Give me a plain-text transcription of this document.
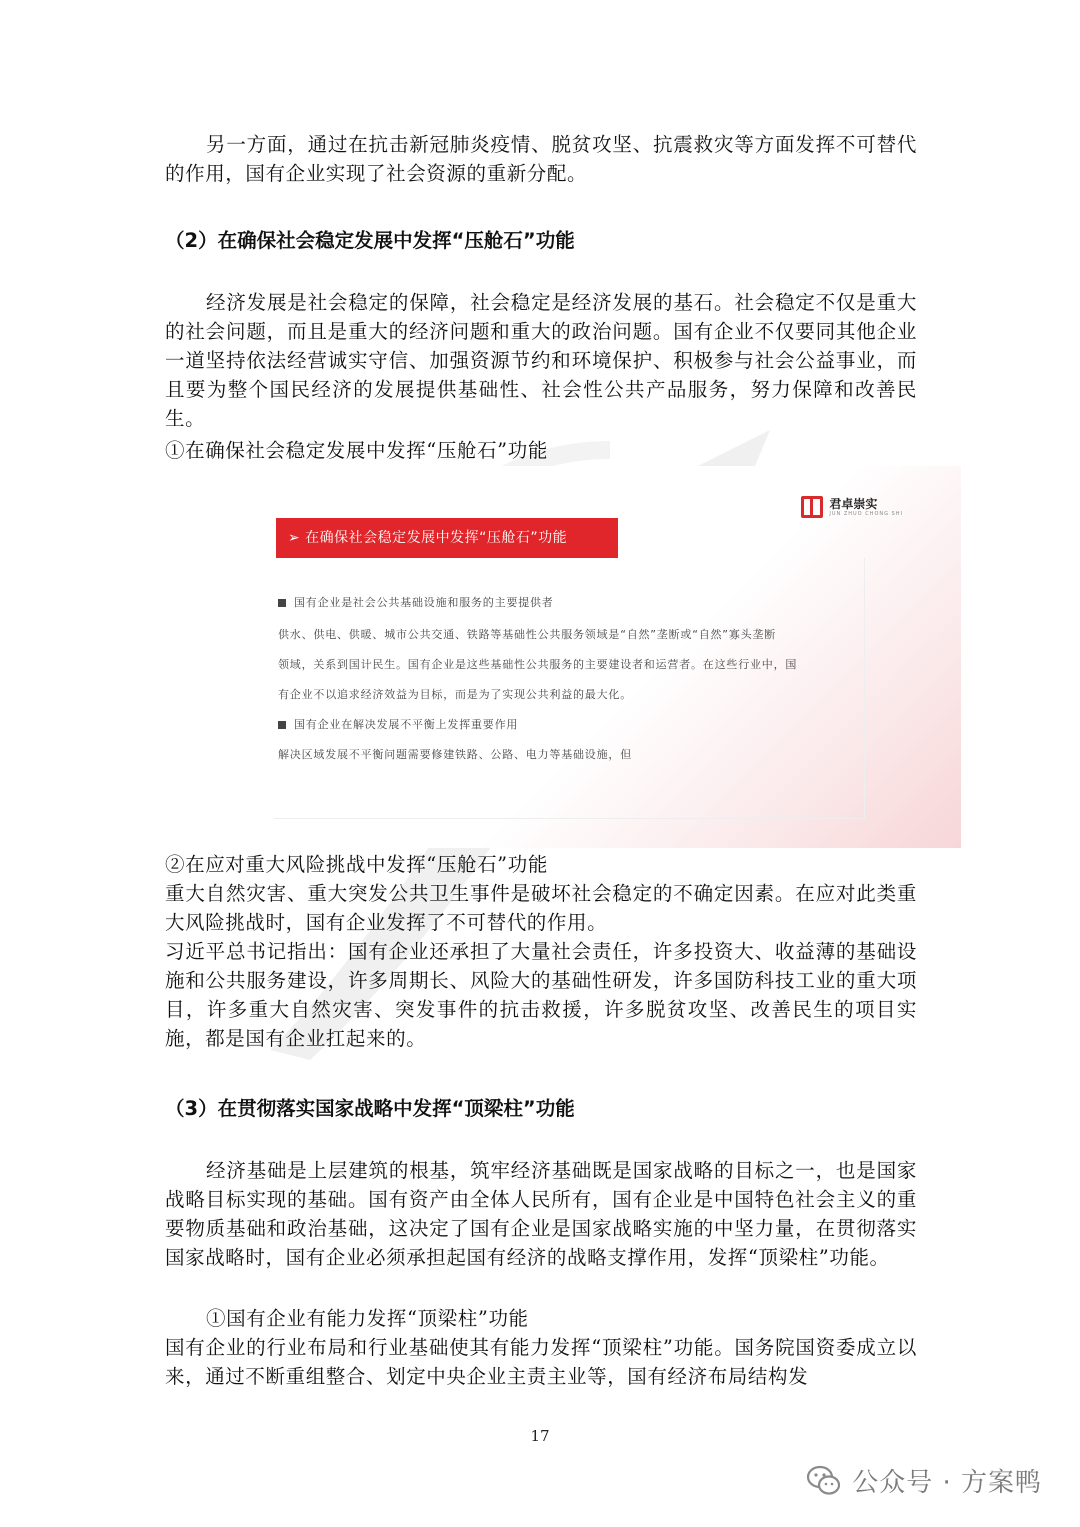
另一方面，通过在抗击新冠肺炎疫情、脱贫攻坚、抗震救灾等方面发挥不可替代的作用，国有企业实现了社会资源的重新分配。

（2）在确保社会稳定发展中发挥“压舱石”功能

经济发展是社会稳定的保障，社会稳定是经济发展的基石。社会稳定不仅是重大的社会问题，而且是重大的经济问题和重大的政治问题。国有企业不仅要同其他企业一道坚持依法经营诚实守信、加强资源节约和环境保护、积极参与社会公益事业，而且要为整个国民经济的发展提供基础性、社会性公共产品服务，努力保障和改善民生。

①在确保社会稳定发展中发挥“压舱石”功能

君卓崇实
JUN ZHUO CHONG SHI
➢ 在确保社会稳定发展中发挥“压舱石”功能
国有企业是社会公共基础设施和服务的主要提供者
供水、供电、供暖、城市公共交通、铁路等基础性公共服务领域是“自然”垄断或“自然”寡头垄断
领域，关系到国计民生。国有企业是这些基础性公共服务的主要建设者和运营者。在这些行业中，国
有企业不以追求经济效益为目标，而是为了实现公共利益的最大化。
国有企业在解决发展不平衡上发挥重要作用
解决区域发展不平衡问题需要修建铁路、公路、电力等基础设施，但

②在应对重大风险挑战中发挥“压舱石”功能

重大自然灾害、重大突发公共卫生事件是破坏社会稳定的不确定因素。在应对此类重大风险挑战时，国有企业发挥了不可替代的作用。

习近平总书记指出：国有企业还承担了大量社会责任，许多投资大、收益薄的基础设施和公共服务建设，许多周期长、风险大的基础性研发，许多国防科技工业的重大项目，许多重大自然灾害、突发事件的抗击救援，许多脱贫攻坚、改善民生的项目实施，都是国有企业扛起来的。

（3）在贯彻落实国家战略中发挥“顶梁柱”功能

经济基础是上层建筑的根基，筑牢经济基础既是国家战略的目标之一，也是国家战略目标实现的基础。国有资产由全体人民所有，国有企业是中国特色社会主义的重要物质基础和政治基础，这决定了国有企业是国家战略实施的中坚力量，在贯彻落实国家战略时，国有企业必须承担起国有经济的战略支撑作用，发挥“顶梁柱”功能。

①国有企业有能力发挥“顶梁柱”功能

国有企业的行业布局和行业基础使其有能力发挥“顶梁柱”功能。国务院国资委成立以来，通过不断重组整合、划定中央企业主责主业等，国有经济布局结构发

17
公众号 · 方案鸭
